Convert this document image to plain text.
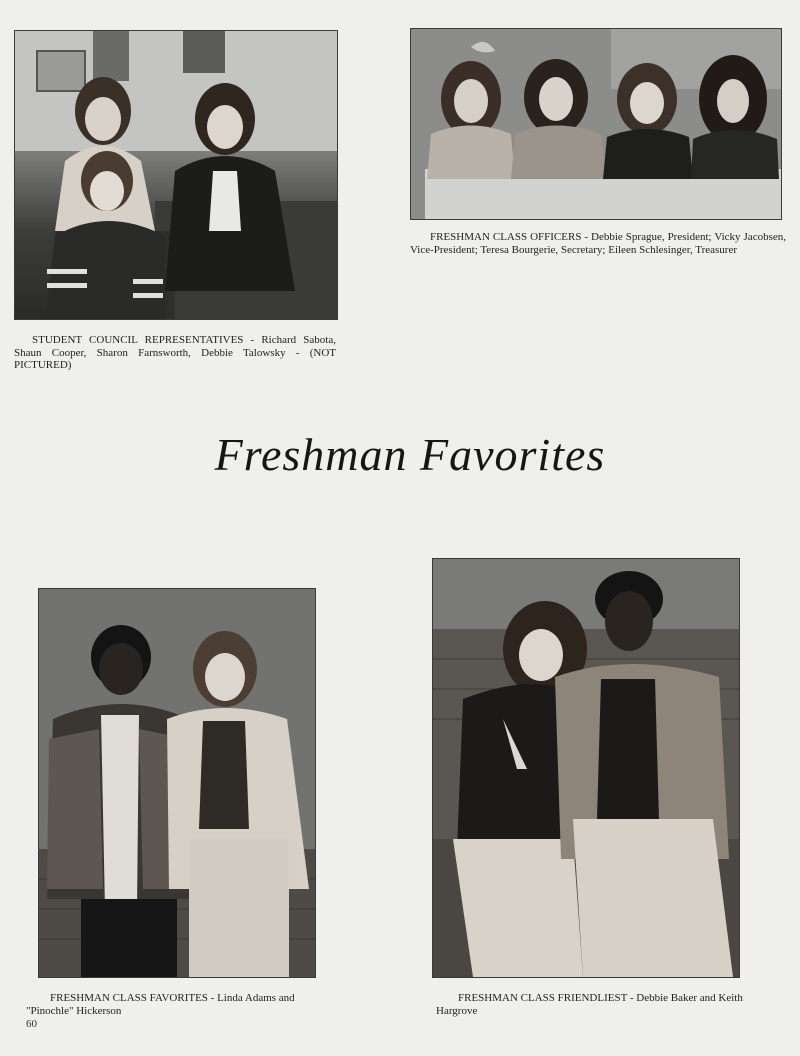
STUDENT COUNCIL REPRESENTATIVES - Richard Sabota, Shaun Cooper, Sharon Farnsworth, Debbie Talowsky - (NOT PICTURED)

FRESHMAN CLASS OFFICERS - Debbie Sprague, President; Vicky Jacobsen, Vice-President; Teresa Bourgerie, Secretary; Eileen Schlesinger, Treasurer

Freshman Favorites

FRESHMAN CLASS FAVORITES - Linda Adams and "Pinochle" Hickerson

FRESHMAN CLASS FRIENDLIEST - Debbie Baker and Keith Hargrove

60
